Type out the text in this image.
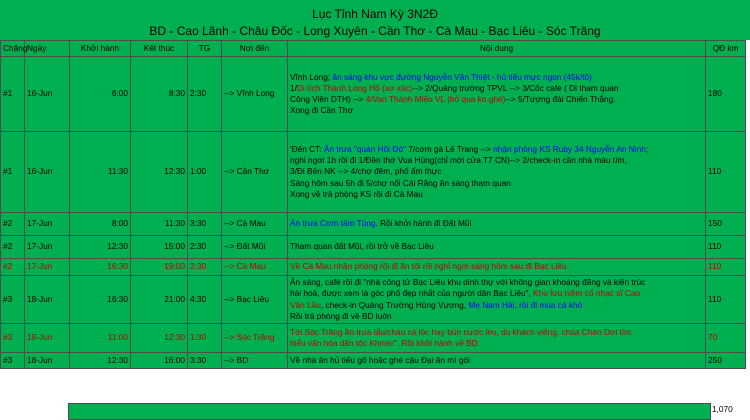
Lục Tỉnh Nam Kỳ 3N2Đ
BD - Cao Lãnh - Châu Đốc - Long Xuyên - Cần Thơ - Cà Mau - Bạc Liêu - Sóc Trăng
Chặng	Ngày	Khởi hành	Kết thúc	TG	Nơi đến	Nội dung	QĐ km
#1	16-Jun	6:00	8:30	2:30	--> Vĩnh Long	Vĩnh Long; ăn sáng khu vực đường Nguyễn Văn Thiệt - hủ tiếu mực ngon (45k/tô)
1/Di tích Thành Long Hồ (xơ xác)--> 2/Quảng trường TPVL --> 3/Cốc cafe ( Di tham quan
Công Viên DTH) --> 4/Van Thánh Miếu VL (bỏ qua ko ghé)--> 5/Tượng đài Chiến Thắng.
Xong đi Cần Thơ	180
#1	16-Jun	11:30	12:30	1:00	--> Cần Thơ	'Đến CT: Ăn trưa "quán Hồi Đó" 7/cơm gà Lê Trang --> nhận phòng KS Ruby 34 Nguyễn An Ninh;
nghỉ ngơi 1h rồi đi 1/Đền thờ Vua Hùng(chỉ mời cửa T7 CN)--> 2/check-in cần nhà máu tím,
3/Đi Bến NK --> 4/chợ đêm, phố ẩm thực
Sáng hôm sau 5h đi 5/chợ nổi Cái Răng ăn sáng tham quan
Xong về trả phòng KS rồi đi Cà Mau	110
#2	17-Jun	8:00	11:30	3:30	--> Cà Mau	Ăn trưa Cơm tấm Tùng. Rồi khởi hành đi Đất Mũi	150
#2	17-Jun	12:30	15:00	2:30	--> Đất Mũi	Tham quan đất Mũi, rồi trở về Bạc Liêu	110
#2	17-Jun	16:30	19:00	2:30	--> Cà Mau	Về Cà Mau nhận phòng rồi đi ăn tối rồi nghỉ ngơi sáng hôm sau đi Bạc Liêu	110
#3	18-Jun	16:30	21:00	4:30	--> Bạc Liêu	Ăn sáng, café rồi đi "nhà công tử Bạc Liêu khu dinh thự với không gian khoáng đãng và kiến trúc
hài hoà, được xem là góc phố đẹp nhất của người dân Bạc Liêu", Khu lưu niệm cố nhạc sĩ Cao
Văn Lầu, check-in Quảng Trường Hùng Vương, Mẹ Nam Hải, rồi đi mua cá khô
Rồi trả phòng đi về BD luôn	110
#3	18-Jun	11:00	12:30	1:30	--> Sóc Trăng	Tới Sóc Trăng ăn trưa lẩu/cháo cá lóc hay bún nước lèo, du khách viếng: chùa Chén Dơi tìm
hiểu văn hóa dân tộc Khmer". Rồi khởi hành về BD	70
#3	18-Jun	12:30	16:00	3:30	--> BD	Về nhà ăn hủ tiếu gõ hoặc ghé cậu Đại ăn mì gói	250
1,070
